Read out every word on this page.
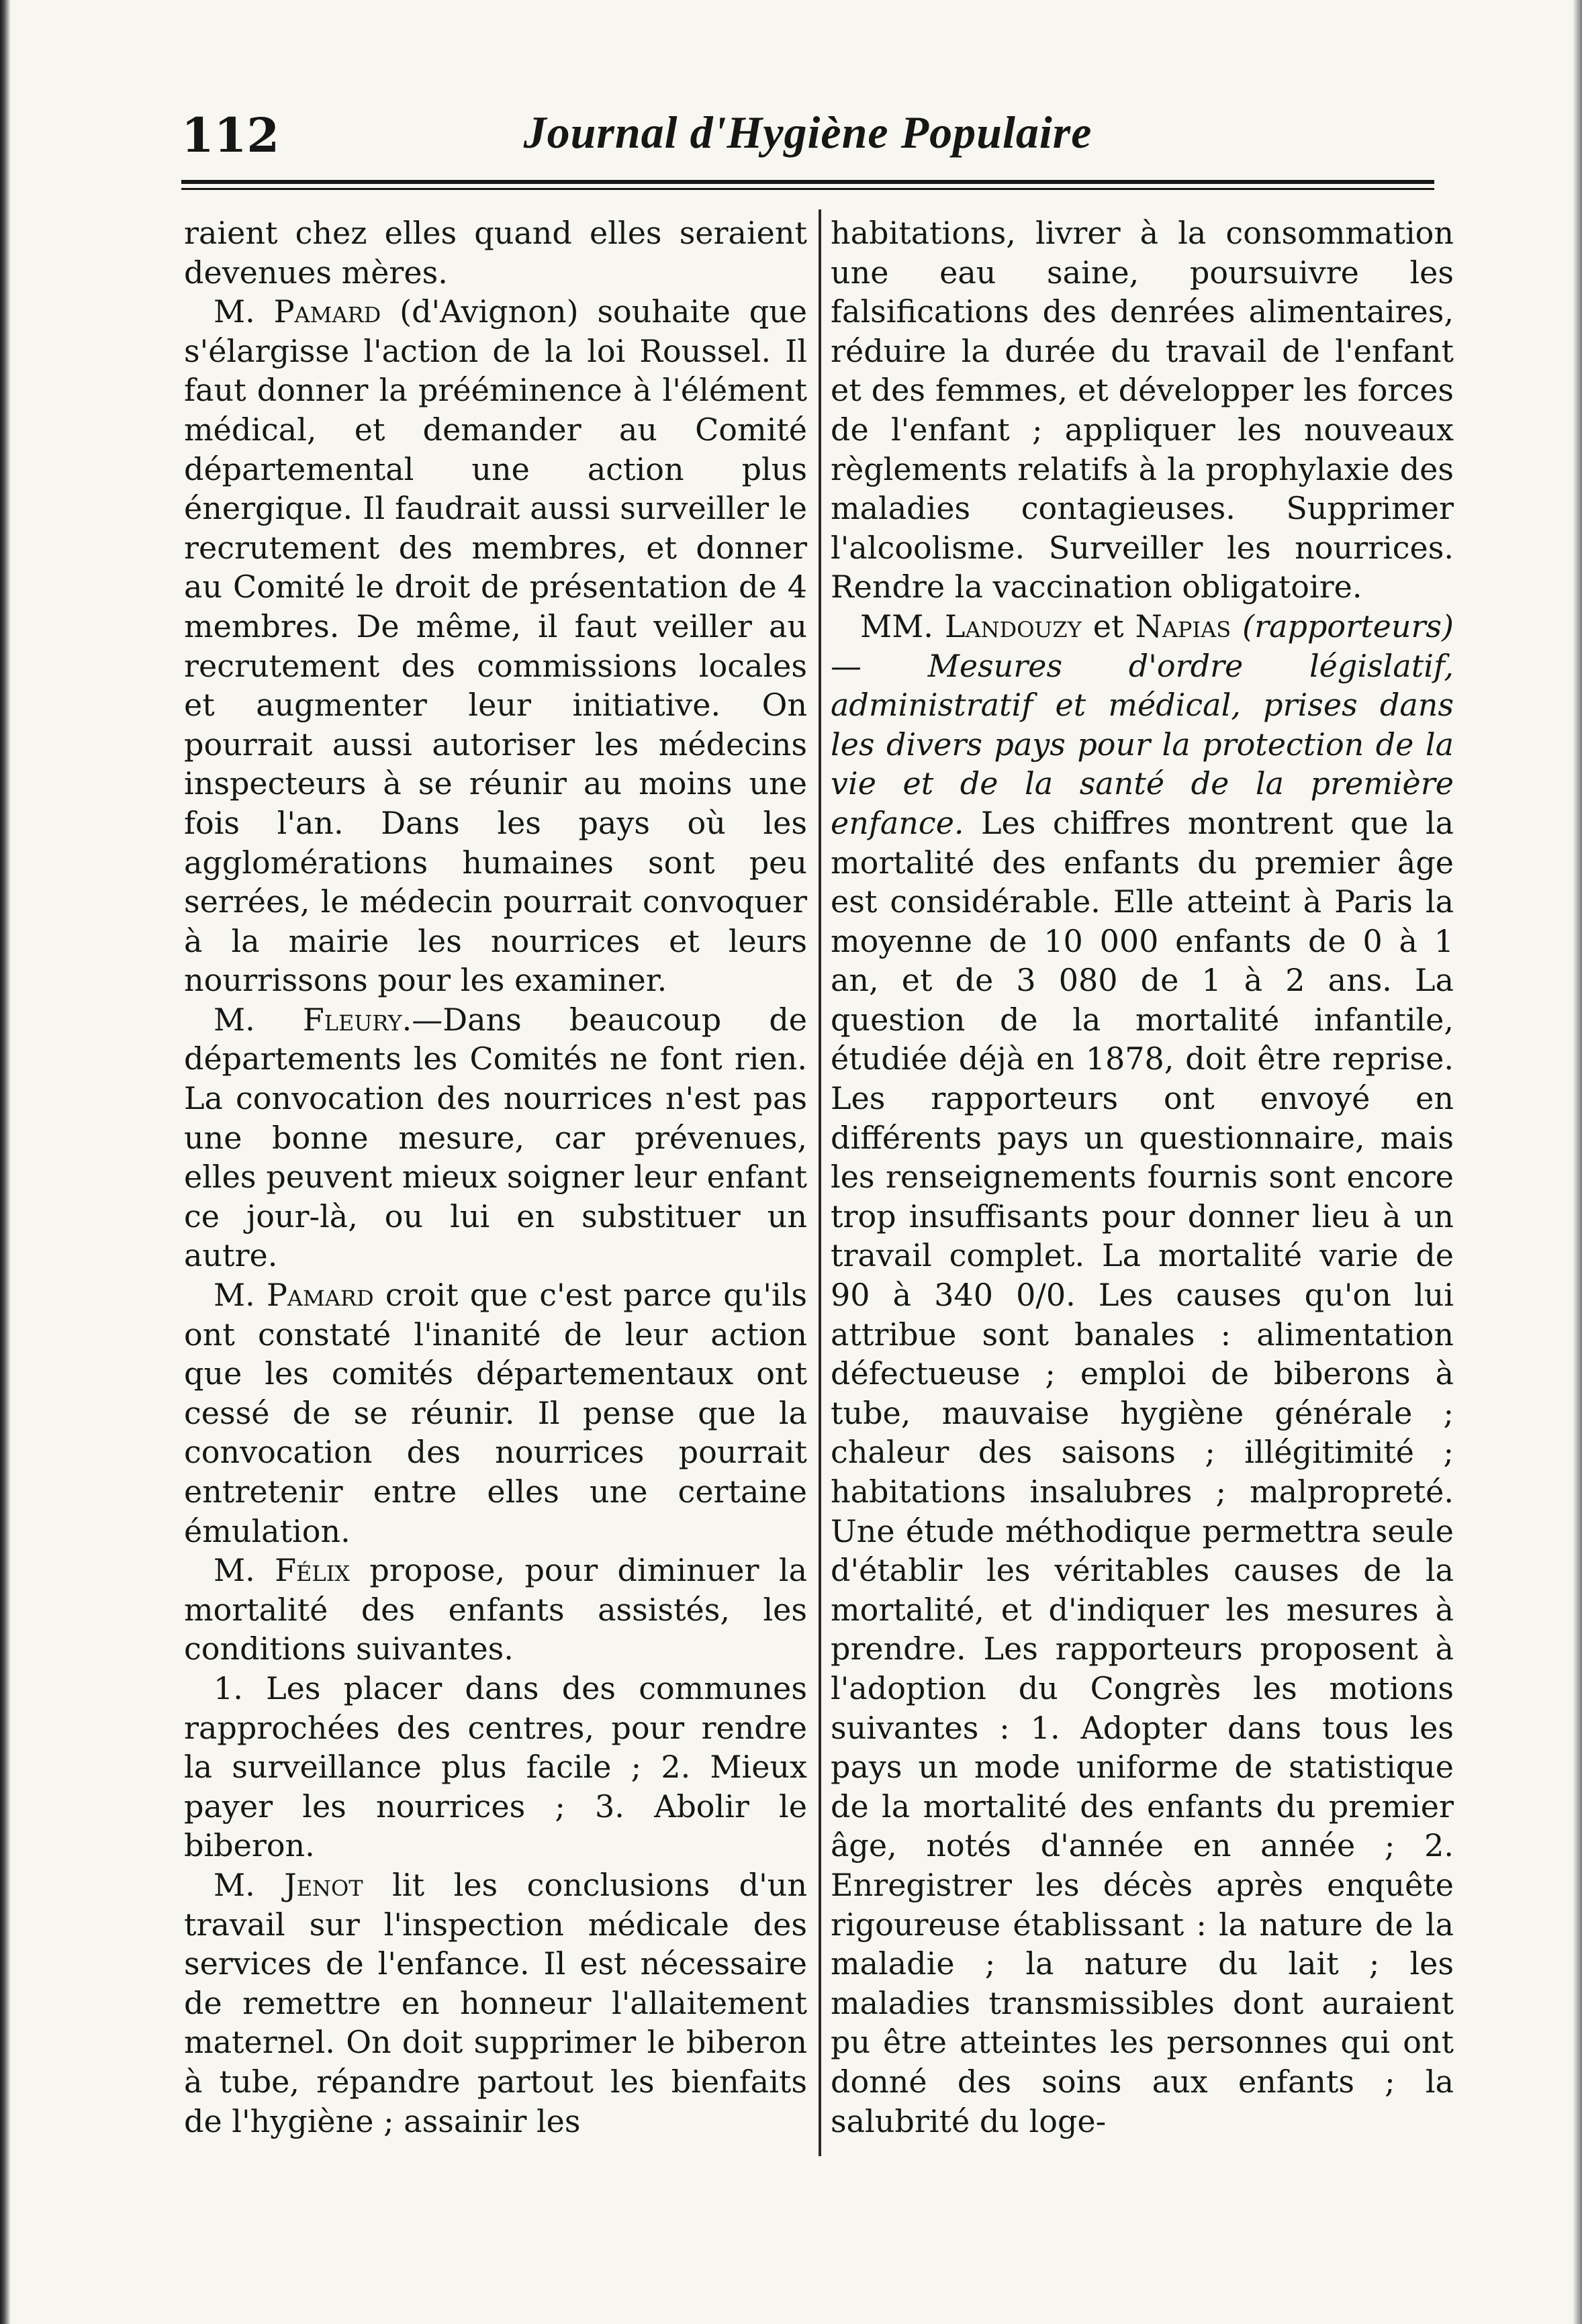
112	Journal d'Hygiène Populaire

raient chez elles quand elles seraient devenues mères.

M. Pamard (d'Avignon) souhaite que s'élargisse l'action de la loi Roussel. Il faut donner la prééminence à l'élément médical, et demander au Comité départemental une action plus énergique. Il faudrait aussi surveiller le recrutement des membres, et donner au Comité le droit de présentation de 4 membres. De même, il faut veiller au recrutement des commissions locales et augmenter leur initiative. On pourrait aussi autoriser les médecins inspecteurs à se réunir au moins une fois l'an. Dans les pays où les agglomérations humaines sont peu serrées, le médecin pourrait convoquer à la mairie les nourrices et leurs nourrissons pour les examiner.

M. Fleury.—Dans beaucoup de départements les Comités ne font rien. La convocation des nourrices n'est pas une bonne mesure, car prévenues, elles peuvent mieux soigner leur enfant ce jour-là, ou lui en substituer un autre.

M. Pamard croit que c'est parce qu'ils ont constaté l'inanité de leur action que les comités départementaux ont cessé de se réunir. Il pense que la convocation des nourrices pourrait entretenir entre elles une certaine émulation.

M. Félix propose, pour diminuer la mortalité des enfants assistés, les conditions suivantes.

1. Les placer dans des communes rapprochées des centres, pour rendre la surveillance plus facile ; 2. Mieux payer les nourrices ; 3. Abolir le biberon.

M. Jenot lit les conclusions d'un travail sur l'inspection médicale des services de l'enfance. Il est nécessaire de remettre en honneur l'allaitement maternel. On doit supprimer le biberon à tube, répandre partout les bienfaits de l'hygiène ; assainir les

habitations, livrer à la consommation une eau saine, poursuivre les falsifications des denrées alimentaires, réduire la durée du travail de l'enfant et des femmes, et développer les forces de l'enfant ; appliquer les nouveaux règlements relatifs à la prophylaxie des maladies contagieuses. Supprimer l'alcoolisme. Surveiller les nourrices. Rendre la vaccination obligatoire.

MM. Landouzy et Napias (rapporteurs) — Mesures d'ordre législatif, administratif et médical, prises dans les divers pays pour la protection de la vie et de la santé de la première enfance. Les chiffres montrent que la mortalité des enfants du premier âge est considérable. Elle atteint à Paris la moyenne de 10 000 enfants de 0 à 1 an, et de 3 080 de 1 à 2 ans. La question de la mortalité infantile, étudiée déjà en 1878, doit être reprise. Les rapporteurs ont envoyé en différents pays un questionnaire, mais les renseignements fournis sont encore trop insuffisants pour donner lieu à un travail complet. La mortalité varie de 90 à 340 0/0. Les causes qu'on lui attribue sont banales : alimentation défectueuse ; emploi de biberons à tube, mauvaise hygiène générale ; chaleur des saisons ; illégitimité ; habitations insalubres ; malpropreté. Une étude méthodique permettra seule d'établir les véritables causes de la mortalité, et d'indiquer les mesures à prendre. Les rapporteurs proposent à l'adoption du Congrès les motions suivantes : 1. Adopter dans tous les pays un mode uniforme de statistique de la mortalité des enfants du premier âge, notés d'année en année ; 2. Enregistrer les décès après enquête rigoureuse établissant : la nature de la maladie ; la nature du lait ; les maladies transmissibles dont auraient pu être atteintes les personnes qui ont donné des soins aux enfants ; la salubrité du loge-
